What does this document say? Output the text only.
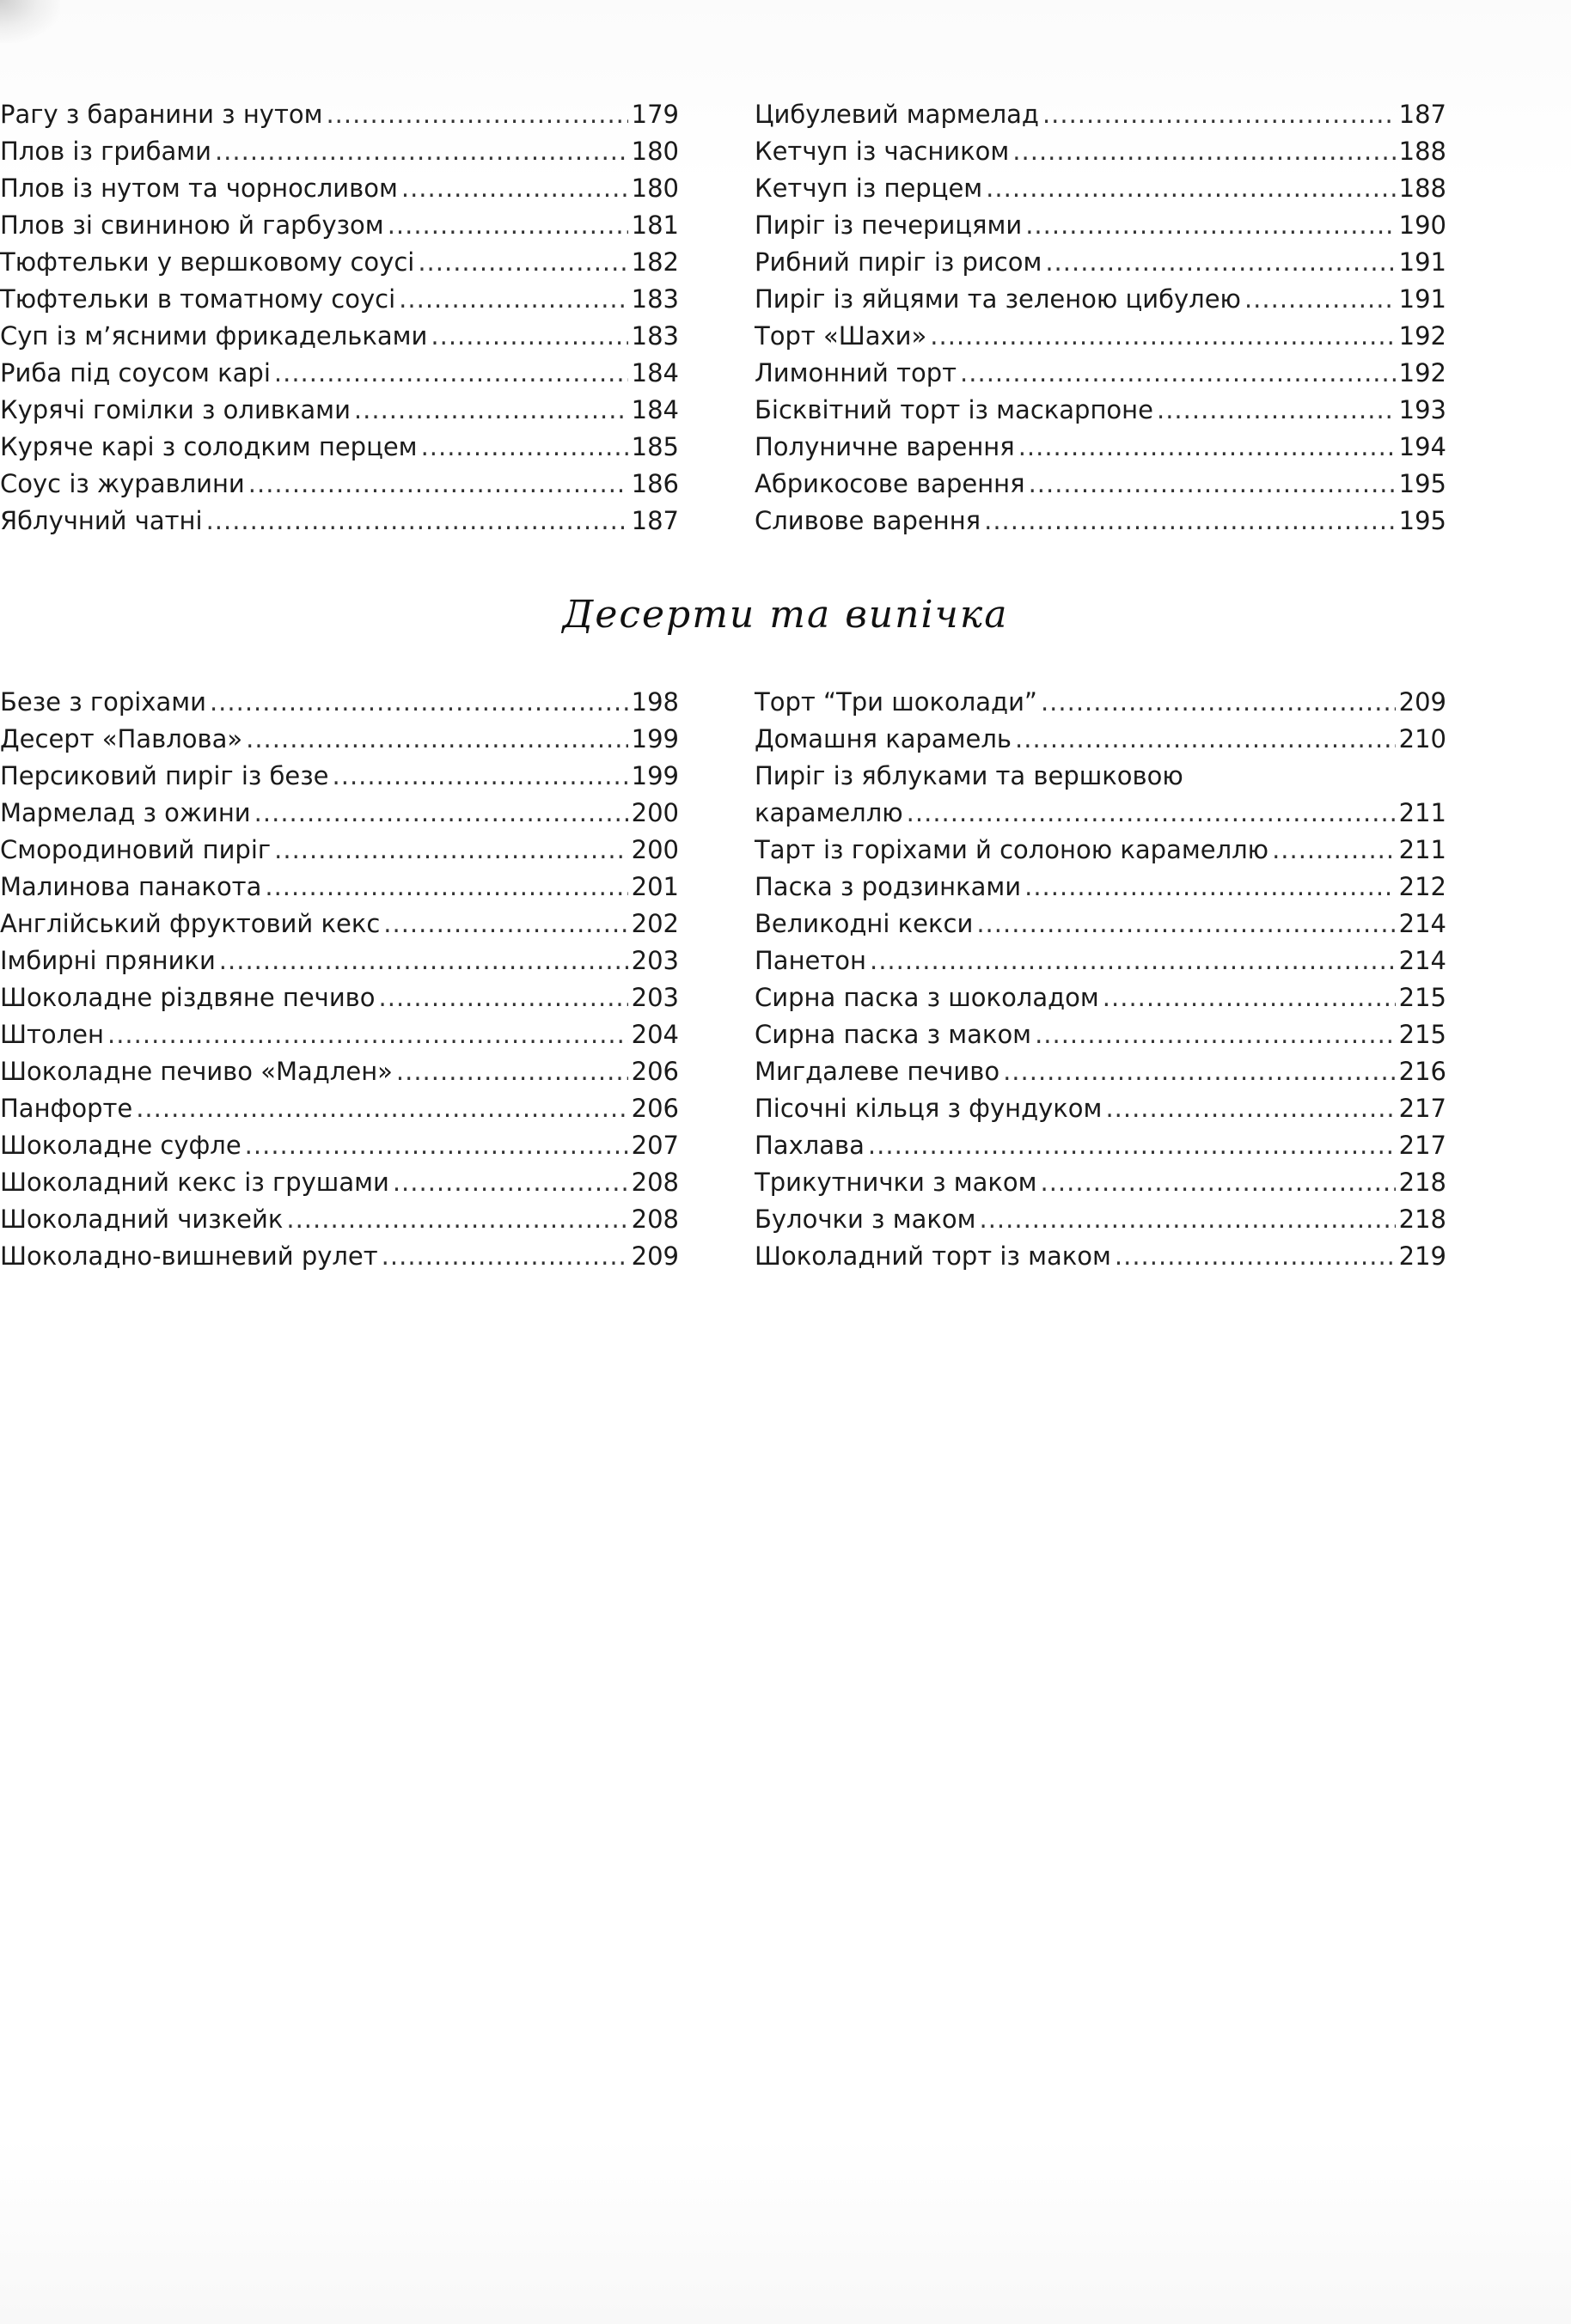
Рагу з баранини з нутом .....	179
Плов із грибами .....	180
Плов із нутом та чорносливом .....	180
Плов зі свининою й гарбузом .....	181
Тюфтельки у вершковому соусі .....	182
Тюфтельки в томатному соусі .....	183
Суп із м’ясними фрикадельками .....	183
Риба під соусом карі .....	184
Курячі гомілки з оливками .....	184
Куряче карі з солодким перцем .....	185
Соус із журавлини .....	186
Яблучний чатні .....	187
Цибулевий мармелад .....	187
Кетчуп із часником .....	188
Кетчуп із перцем .....	188
Пиріг із печерицями .....	190
Рибний пиріг із рисом .....	191
Пиріг із яйцями та зеленою цибулею .....	191
Торт «Шахи» .....	192
Лимонний торт .....	192
Бісквітний торт із маскарпоне .....	193
Полуничне варення .....	194
Абрикосове варення .....	195
Сливове варення .....	195
Десерти та випічка
Безе з горіхами .....	198
Десерт «Павлова» .....	199
Персиковий пиріг із безе .....	199
Мармелад з ожини .....	200
Смородиновий пиріг .....	200
Малинова панакота .....	201
Англійський фруктовий кекс .....	202
Імбирні пряники .....	203
Шоколадне різдвяне печиво .....	203
Штолен .....	204
Шоколадне печиво «Мадлен» .....	206
Панфорте .....	206
Шоколадне суфле .....	207
Шоколадний кекс із грушами .....	208
Шоколадний чизкейк .....	208
Шоколадно-вишневий рулет .....	209
Торт “Три шоколади” .....	209
Домашня карамель .....	210
Пиріг із яблуками та вершковою
карамеллю .....	211
Тарт із горіхами й солоною карамеллю .....	211
Паска з родзинками .....	212
Великодні кекси .....	214
Панетон .....	214
Сирна паска з шоколадом .....	215
Сирна паска з маком .....	215
Мигдалеве печиво .....	216
Пісочні кільця з фундуком .....	217
Пахлава .....	217
Трикутнички з маком .....	218
Булочки з маком .....	218
Шоколадний торт із маком .....	219
